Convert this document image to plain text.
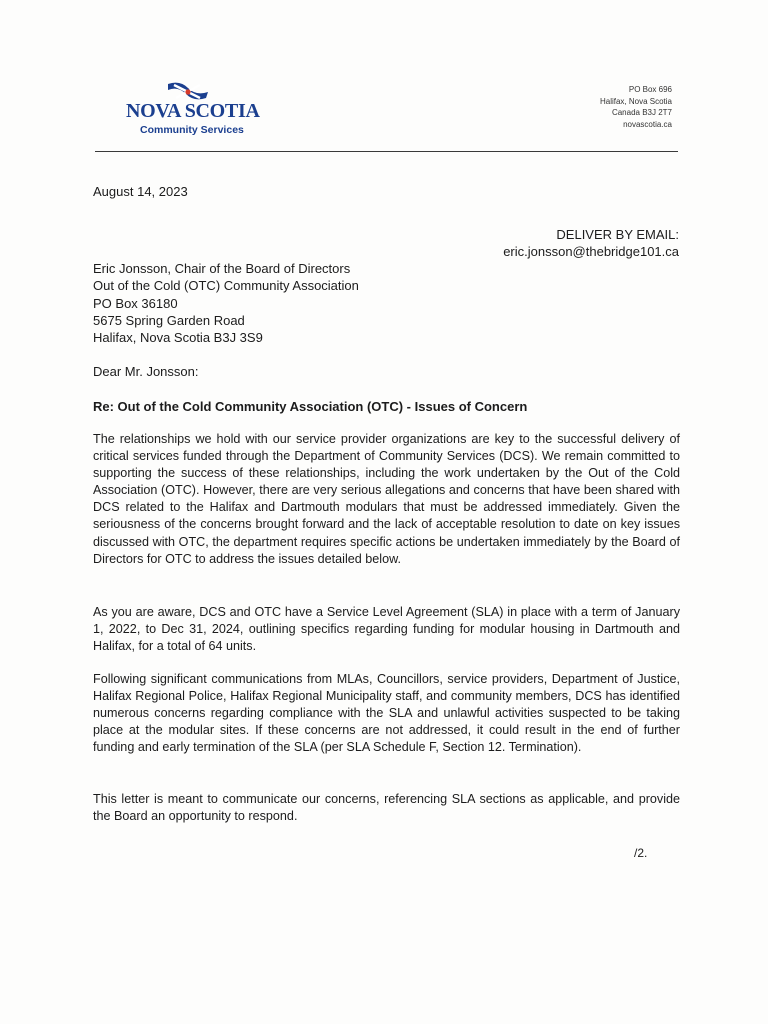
NOVA SCOTIA
Community Services
PO Box 696
Halifax, Nova Scotia
Canada B3J 2T7
novascotia.ca
August 14, 2023
DELIVER BY EMAIL:
eric.jonsson@thebridge101.ca
Eric Jonsson, Chair of the Board of Directors
Out of the Cold (OTC) Community Association
PO Box 36180
5675 Spring Garden Road
Halifax, Nova Scotia B3J 3S9
Dear Mr. Jonsson:
Re: Out of the Cold Community Association (OTC) - Issues of Concern
The relationships we hold with our service provider organizations are key to the successful delivery of critical services funded through the Department of Community Services (DCS). We remain committed to supporting the success of these relationships, including the work undertaken by the Out of the Cold Association (OTC). However, there are very serious allegations and concerns that have been shared with DCS related to the Halifax and Dartmouth modulars that must be addressed immediately. Given the seriousness of the concerns brought forward and the lack of acceptable resolution to date on key issues discussed with OTC, the department requires specific actions be undertaken immediately by the Board of Directors for OTC to address the issues detailed below.
As you are aware, DCS and OTC have a Service Level Agreement (SLA) in place with a term of January 1, 2022, to Dec 31, 2024, outlining specifics regarding funding for modular housing in Dartmouth and Halifax, for a total of 64 units.
Following significant communications from MLAs, Councillors, service providers, Department of Justice, Halifax Regional Police, Halifax Regional Municipality staff, and community members, DCS has identified numerous concerns regarding compliance with the SLA and unlawful activities suspected to be taking place at the modular sites. If these concerns are not addressed, it could result in the end of further funding and early termination of the SLA (per SLA Schedule F, Section 12. Termination).
This letter is meant to communicate our concerns, referencing SLA sections as applicable, and provide the Board an opportunity to respond.
/2.
